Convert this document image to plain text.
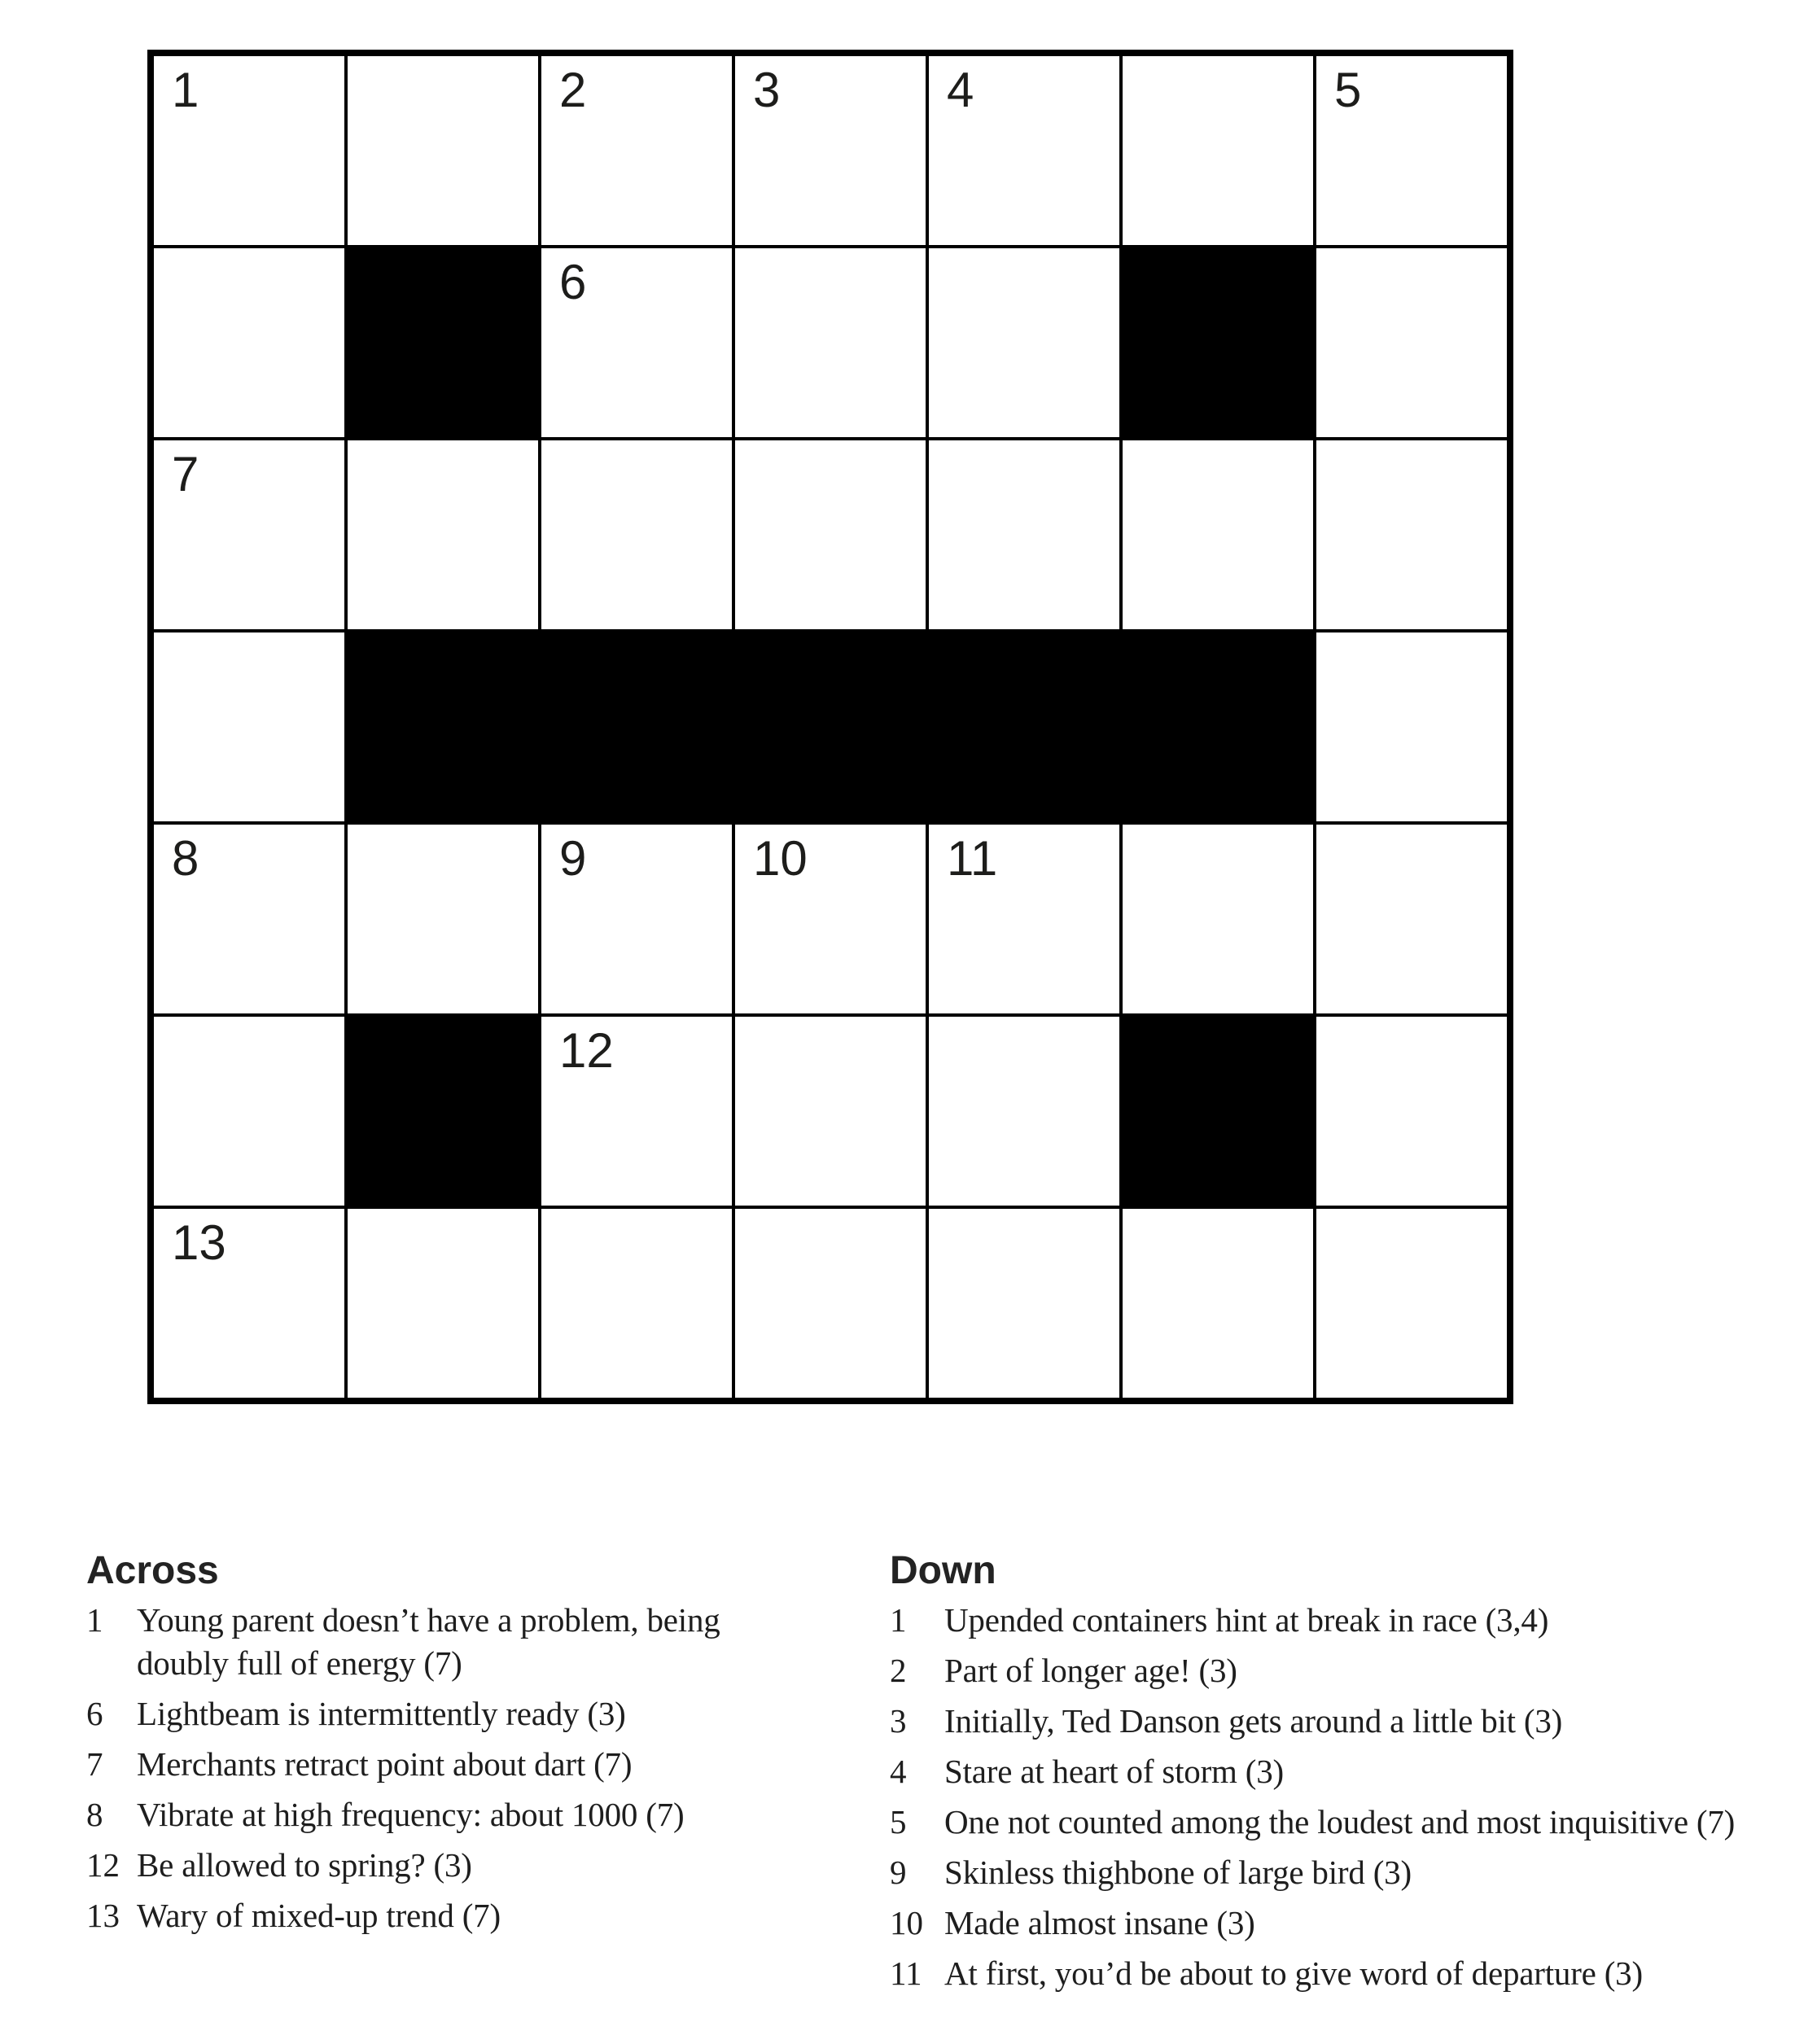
1	2	3	4	5
6
7
8	9	10	11
12
13
Across
1	Young parent doesn’t have a problem, being
doubly full of energy (7)
6	Lightbeam is intermittently ready (3)
7	Merchants retract point about dart (7)
8	Vibrate at high frequency: about 1000 (7)
12 Be allowed to spring? (3)
13 Wary of mixed-up trend (7)
Down
1	Upended containers hint at break in race (3,4)
2	Part of longer age! (3)
3	Initially, Ted Danson gets around a little bit (3)
4	Stare at heart of storm (3)
5	One not counted among the loudest and most inquisitive (7)
9	Skinless thighbone of large bird (3)
10 Made almost insane (3)
11 At first, you’d be about to give word of departure (3)
